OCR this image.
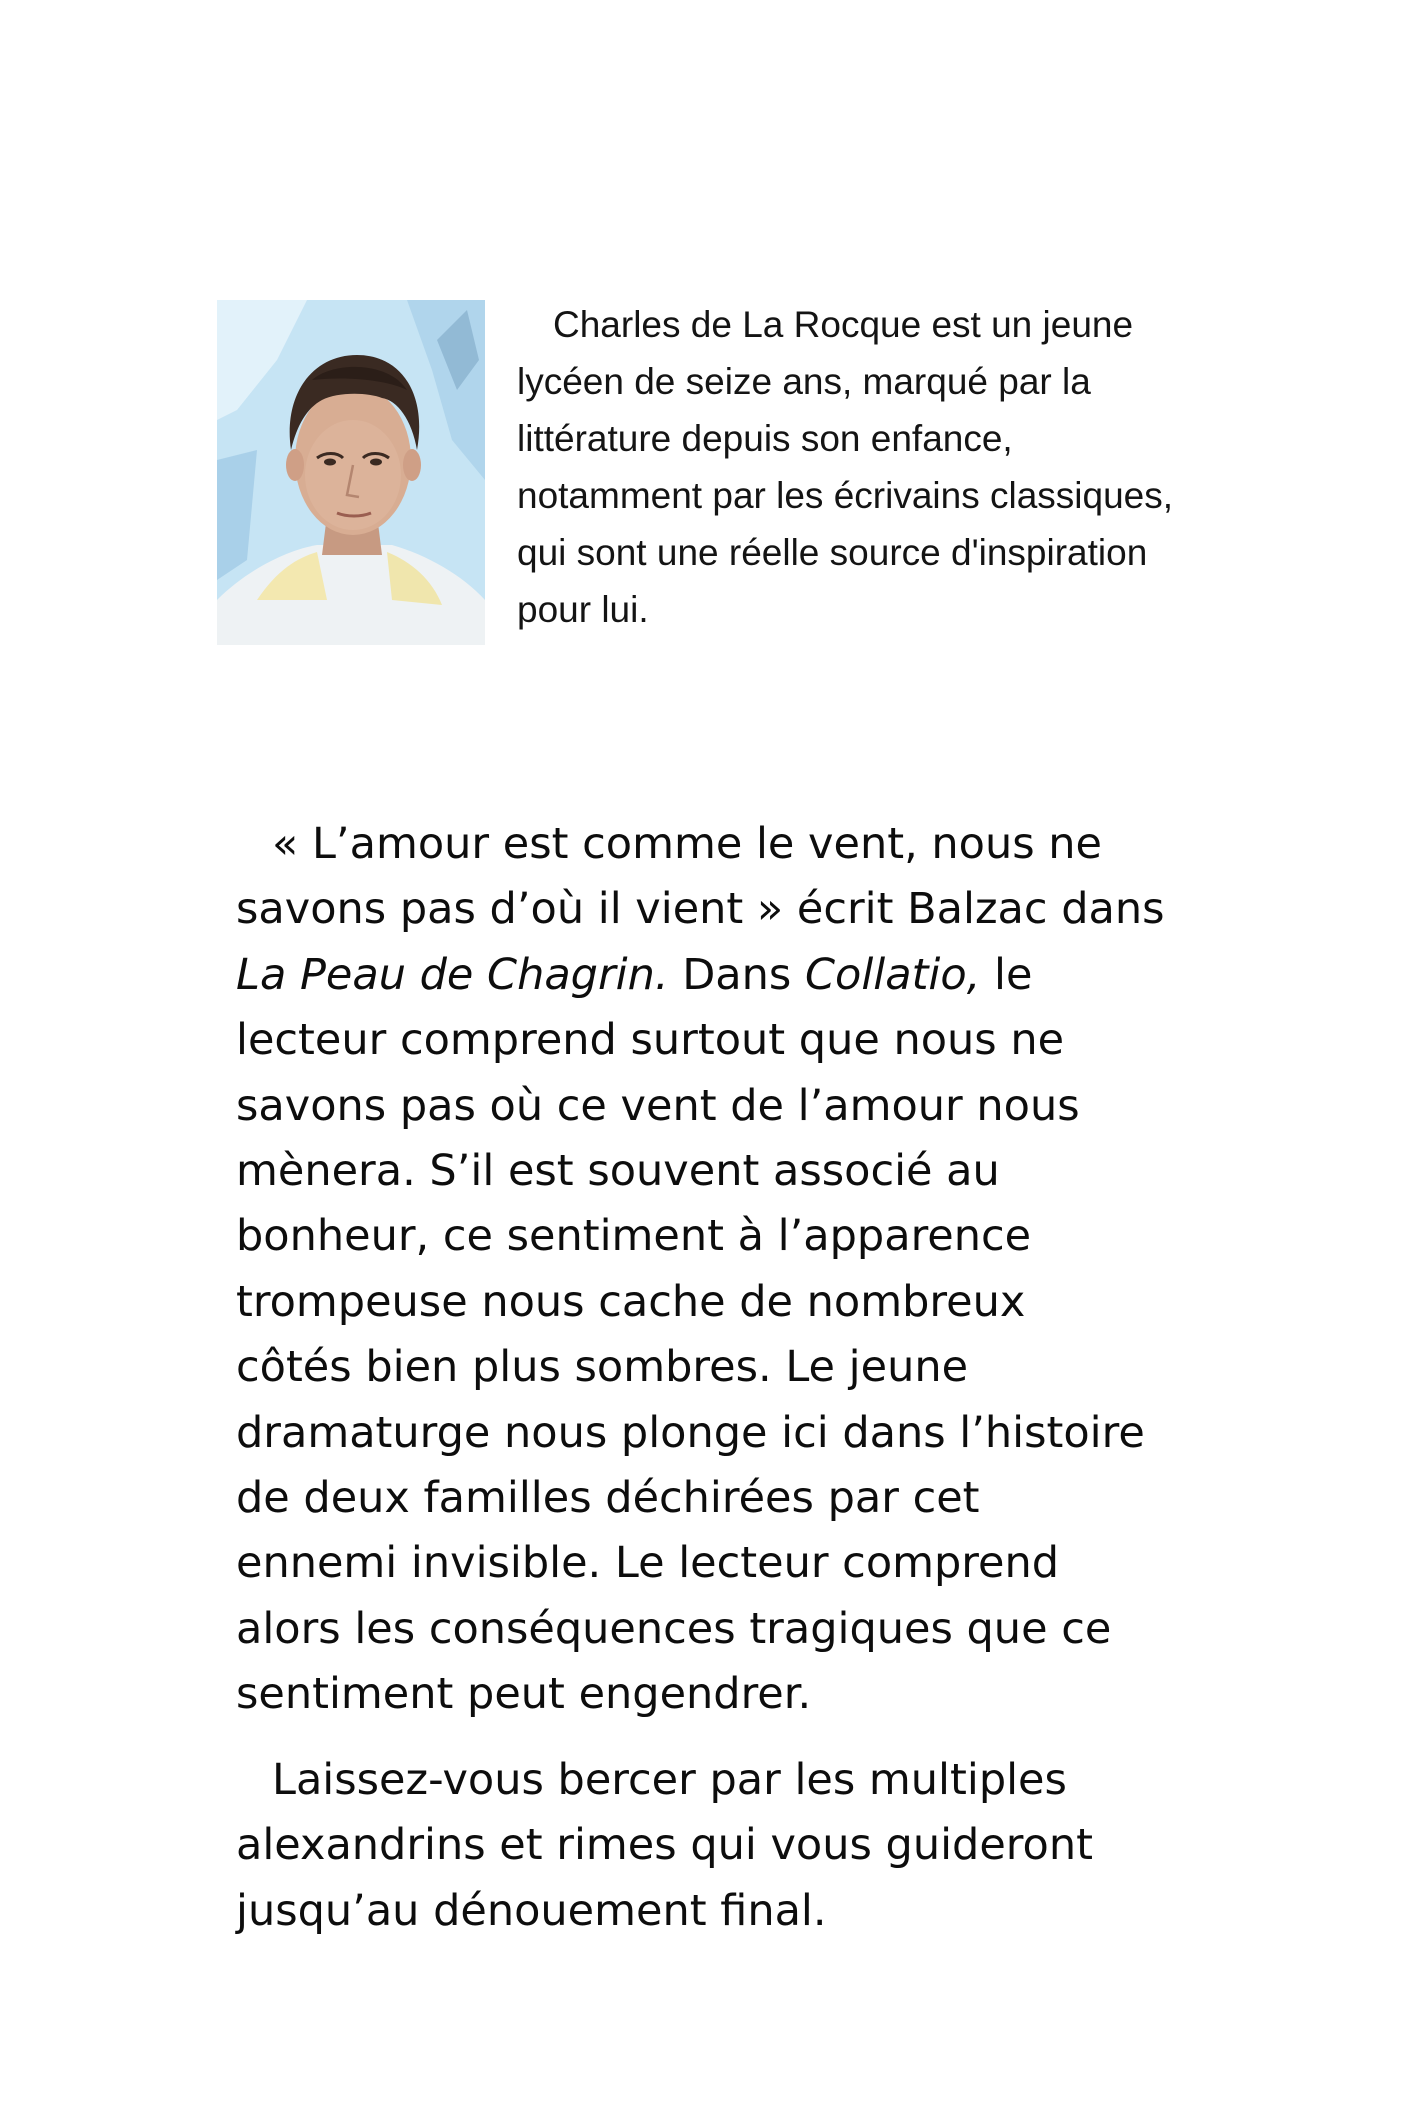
Charles de La Rocque est un jeune
lycéen de seize ans, marqué par la
littérature depuis son enfance,
notamment par les écrivains classiques,
qui sont une réelle source d'inspiration
pour lui.
« L’amour est comme le vent, nous ne
savons pas d’où il vient » écrit Balzac dans
La Peau de Chagrin. Dans Collatio, le
lecteur comprend surtout que nous ne
savons pas où ce vent de l’amour nous
mènera. S’il est souvent associé au
bonheur, ce sentiment à l’apparence
trompeuse nous cache de nombreux
côtés bien plus sombres. Le jeune
dramaturge nous plonge ici dans l’histoire
de deux familles déchirées par cet
ennemi invisible. Le lecteur comprend
alors les conséquences tragiques que ce
sentiment peut engendrer.
Laissez-vous bercer par les multiples
alexandrins et rimes qui vous guideront
jusqu’au dénouement final.
